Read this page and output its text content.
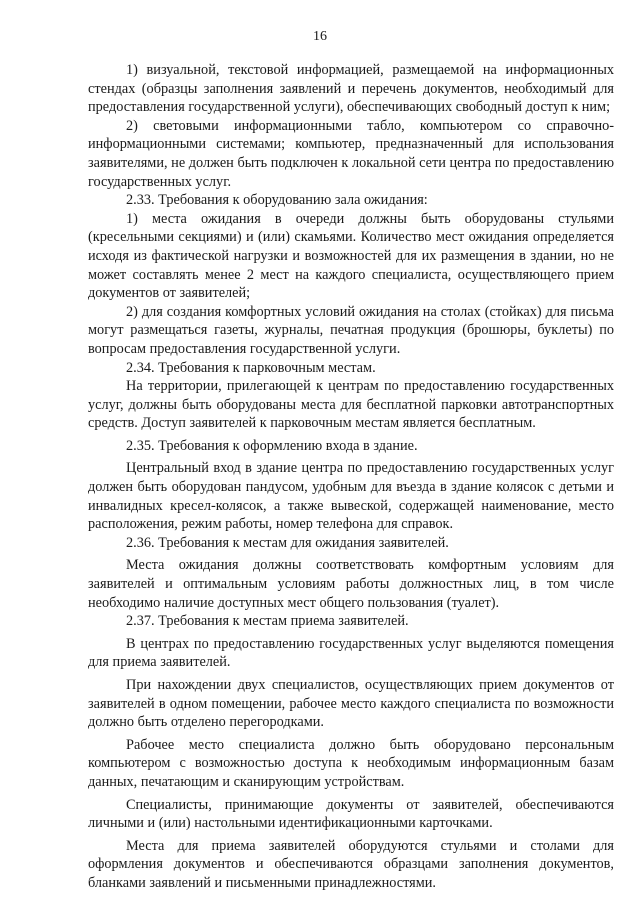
16

1) визуальной, текстовой информацией, размещаемой на информационных стендах (образцы заполнения заявлений и перечень документов, необходимый для предоставления государственной услуги), обеспечивающих свободный доступ к ним;

2) световыми информационными табло, компьютером со справочно-информационными системами; компьютер, предназначенный для использования заявителями, не должен быть подключен к локальной сети центра по предоставлению государственных услуг.

2.33. Требования к оборудованию зала ожидания:

1) места ожидания в очереди должны быть оборудованы стульями (кресельными секциями) и (или) скамьями. Количество мест ожидания определяется исходя из фактической нагрузки и возможностей для их размещения в здании, но не может составлять менее 2 мест на каждого специалиста, осуществляющего прием документов от заявителей;

2) для создания комфортных условий ожидания на столах (стойках) для письма могут размещаться газеты, журналы, печатная продукция (брошюры, буклеты) по вопросам предоставления государственной услуги.

2.34. Требования к парковочным местам.

На территории, прилегающей к центрам по предоставлению государственных услуг, должны быть оборудованы места для бесплатной парковки автотранспортных средств. Доступ заявителей к парковочным местам является бесплатным.

2.35. Требования к оформлению входа в здание.

Центральный вход в здание центра по предоставлению государственных услуг должен быть оборудован пандусом, удобным для въезда в здание колясок с детьми и инвалидных кресел-колясок, а также вывеской, содержащей наименование, место расположения, режим работы, номер телефона для справок.

2.36. Требования к местам для ожидания заявителей.

Места ожидания должны соответствовать комфортным условиям для заявителей и оптимальным условиям работы должностных лиц, в том числе необходимо наличие доступных мест общего пользования (туалет).

2.37. Требования к местам приема заявителей.

В центрах по предоставлению государственных услуг выделяются помещения для приема заявителей.

При нахождении двух специалистов, осуществляющих прием документов от заявителей в одном помещении, рабочее место каждого специалиста по возможности должно быть отделено перегородками.

Рабочее место специалиста должно быть оборудовано персональным компьютером с возможностью доступа к необходимым информационным базам данных, печатающим и сканирующим устройствам.

Специалисты, принимающие документы от заявителей, обеспечиваются личными и (или) настольными идентификационными карточками.

Места для приема заявителей оборудуются стульями и столами для оформления документов и обеспечиваются образцами заполнения документов, бланками заявлений и письменными принадлежностями.
